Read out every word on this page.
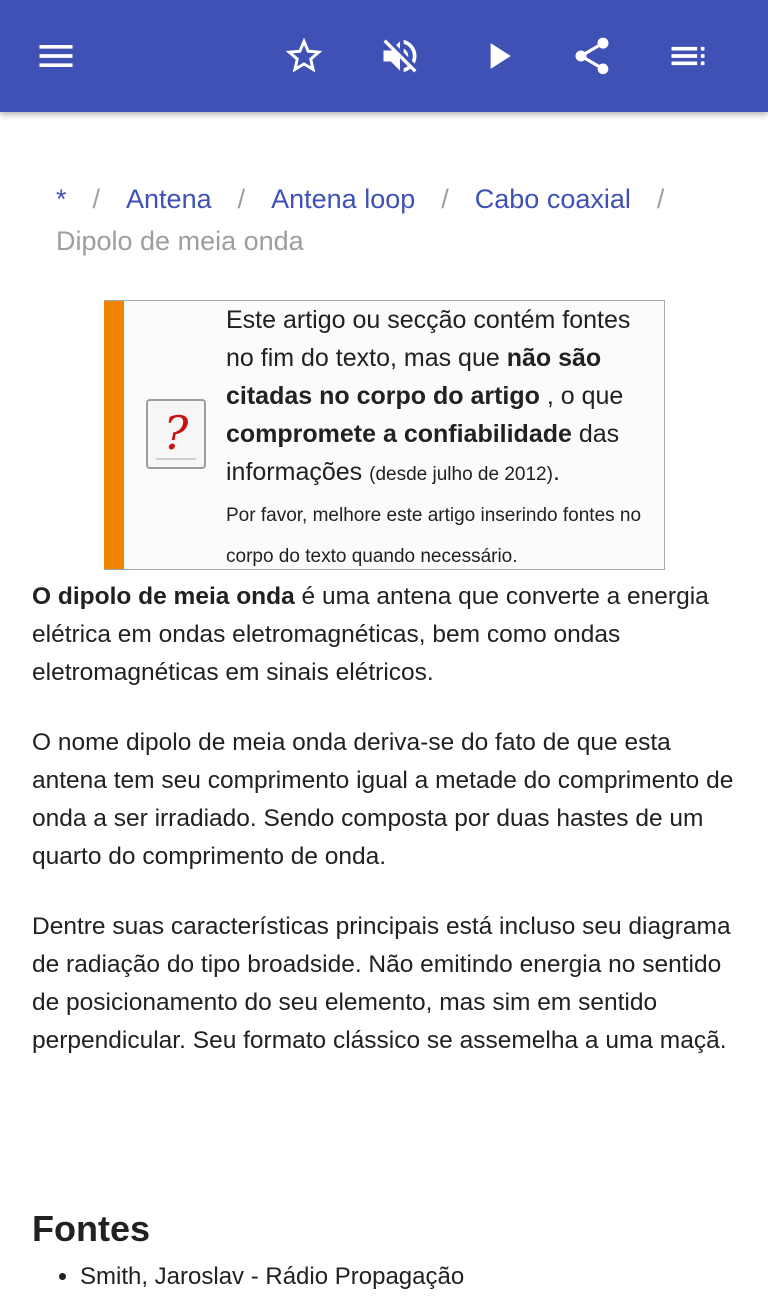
* / Antena / Antena loop / Cabo coaxial /
Dipolo de meia onda
?
Este artigo ou secção contém fontes no fim do texto, mas que não são citadas no corpo do artigo , o que compromete a confiabilidade das informações (desde julho de 2012).
Por favor, melhore este artigo inserindo fontes no corpo do texto quando necessário.

O dipolo de meia onda é uma antena que converte a energia elétrica em ondas eletromagnéticas, bem como ondas eletromagnéticas em sinais elétricos.

O nome dipolo de meia onda deriva-se do fato de que esta antena tem seu comprimento igual a metade do comprimento de onda a ser irradiado. Sendo composta por duas hastes de um quarto do comprimento de onda.

Dentre suas características principais está incluso seu diagrama de radiação do tipo broadside. Não emitindo energia no sentido de posicionamento do seu elemento, mas sim em sentido perpendicular. Seu formato clássico se assemelha a uma maçã.

Fontes
• Smith, Jaroslav - Rádio Propagação
